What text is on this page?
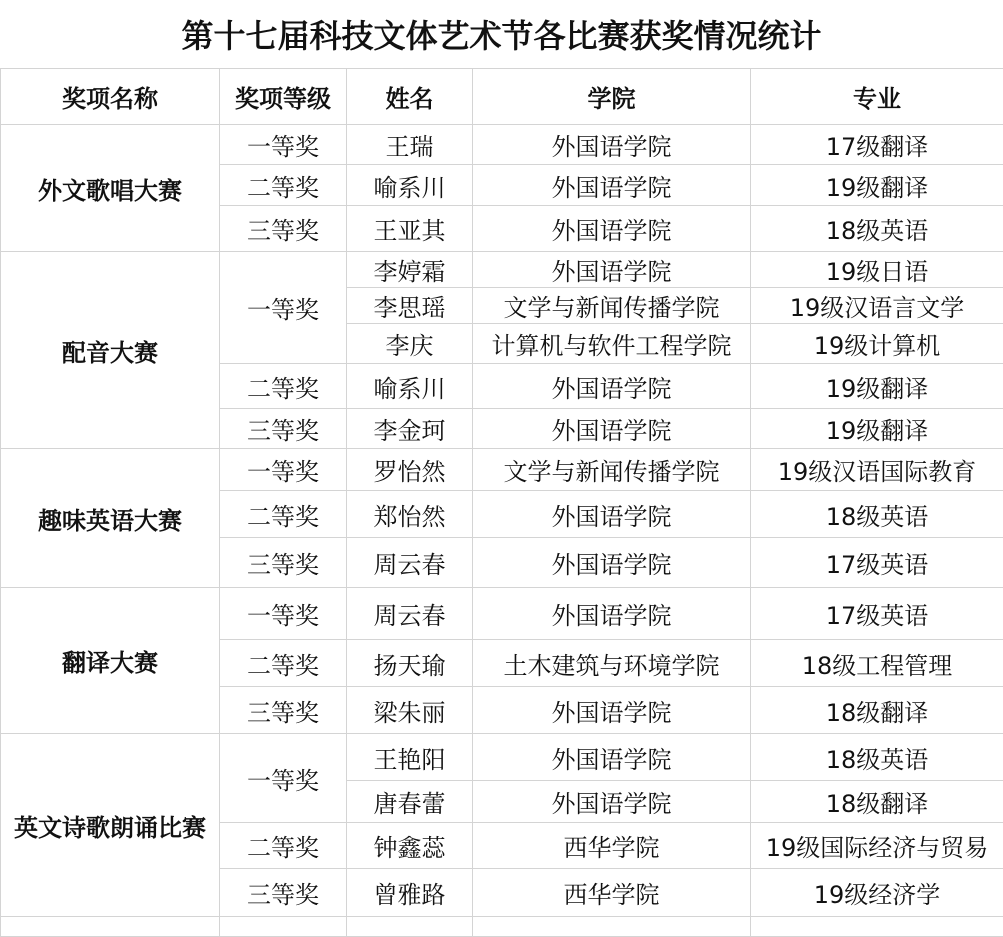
第十七届科技文体艺术节各比赛获奖情况统计
奖项名称	奖项等级	姓名	学院	专业
外文歌唱大赛	一等奖	王瑞	外国语学院	17级翻译
	二等奖	喻系川	外国语学院	19级翻译
	三等奖	王亚其	外国语学院	18级英语
配音大赛	一等奖	李婷霜	外国语学院	19级日语
		李思瑶	文学与新闻传播学院	19级汉语言文学
		李庆	计算机与软件工程学院	19级计算机
	二等奖	喻系川	外国语学院	19级翻译
	三等奖	李金珂	外国语学院	19级翻译
趣味英语大赛	一等奖	罗怡然	文学与新闻传播学院	19级汉语国际教育
	二等奖	郑怡然	外国语学院	18级英语
	三等奖	周云春	外国语学院	17级英语
翻译大赛	一等奖	周云春	外国语学院	17级英语
	二等奖	扬天瑜	土木建筑与环境学院	18级工程管理
	三等奖	梁朱丽	外国语学院	18级翻译
英文诗歌朗诵比赛	一等奖	王艳阳	外国语学院	18级英语
		唐春蕾	外国语学院	18级翻译
	二等奖	钟鑫蕊	西华学院	19级国际经济与贸易
	三等奖	曾雅路	西华学院	19级经济学
